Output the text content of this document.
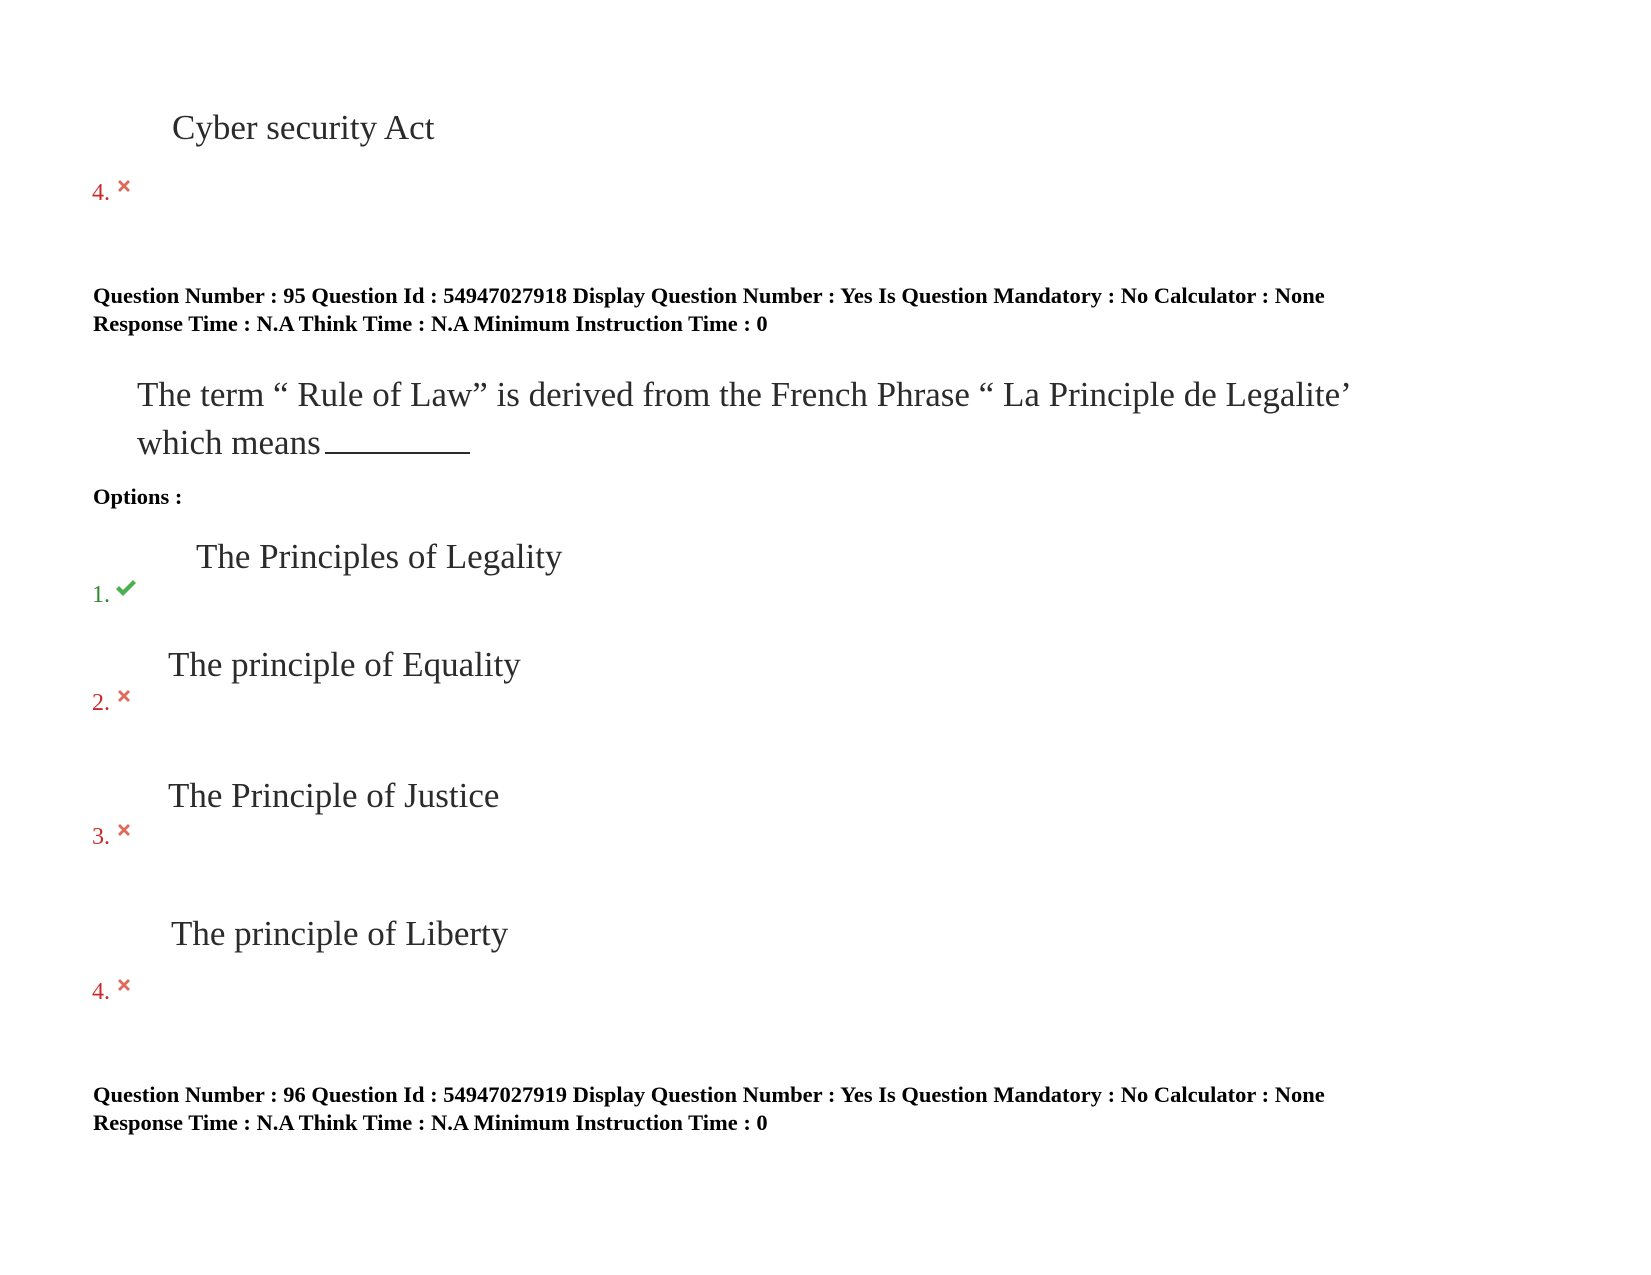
Cyber security Act
4.
Question Number : 95 Question Id : 54947027918 Display Question Number : Yes Is Question Mandatory : No Calculator : None
Response Time : N.A Think Time : N.A Minimum Instruction Time : 0
The term “ Rule of Law” is derived from the French Phrase “ La Principle de Legalite’
which means
Options :
The Principles of Legality
1.
The principle of Equality
2.
The Principle of Justice
3.
The principle of Liberty
4.
Question Number : 96 Question Id : 54947027919 Display Question Number : Yes Is Question Mandatory : No Calculator : None
Response Time : N.A Think Time : N.A Minimum Instruction Time : 0
